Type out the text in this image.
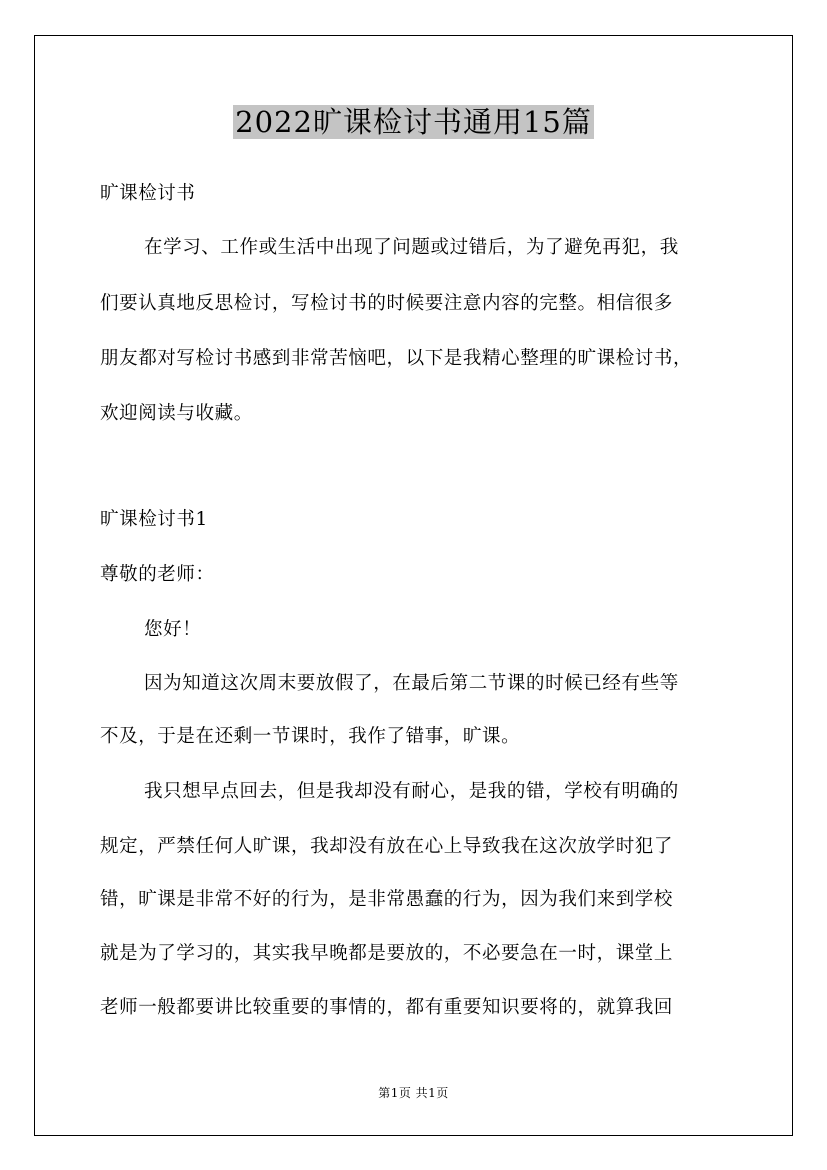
2022旷课检讨书通用15篇
旷课检讨书
在学习、工作或生活中出现了问题或过错后，为了避免再犯，我
们要认真地反思检讨，写检讨书的时候要注意内容的完整。相信很多
朋友都对写检讨书感到非常苦恼吧，以下是我精心整理的旷课检讨书，
欢迎阅读与收藏。
旷课检讨书1
尊敬的老师：
您好！
因为知道这次周末要放假了，在最后第二节课的时候已经有些等
不及，于是在还剩一节课时，我作了错事，旷课。
我只想早点回去，但是我却没有耐心，是我的错，学校有明确的
规定，严禁任何人旷课，我却没有放在心上导致我在这次放学时犯了
错，旷课是非常不好的行为，是非常愚蠢的行为，因为我们来到学校
就是为了学习的，其实我早晚都是要放的，不必要急在一时，课堂上
老师一般都要讲比较重要的事情的，都有重要知识要将的，就算我回
第1页 共1页
